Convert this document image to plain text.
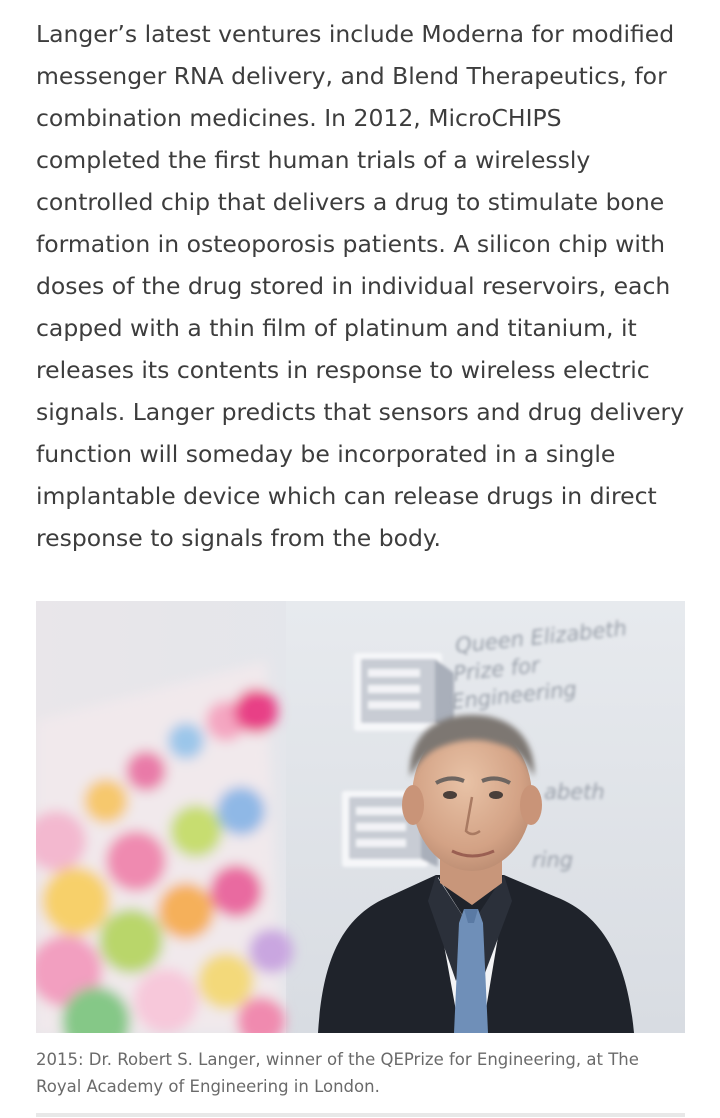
Langer’s latest ventures include Moderna for modified messenger RNA delivery, and Blend Therapeutics, for combination medicines. In 2012, MicroCHIPS completed the first human trials of a wirelessly controlled chip that delivers a drug to stimulate bone formation in osteoporosis patients. A silicon chip with doses of the drug stored in individual reservoirs, each capped with a thin film of platinum and titanium, it releases its contents in response to wireless electric signals. Langer predicts that sensors and drug delivery function will someday be incorporated in a single implantable device which can release drugs in direct response to signals from the body.

Queen Elizabeth
Prize for
Engineering
abeth
ring

2015: Dr. Robert S. Langer, winner of the QEPrize for Engineering, at The Royal Academy of Engineering in London.
